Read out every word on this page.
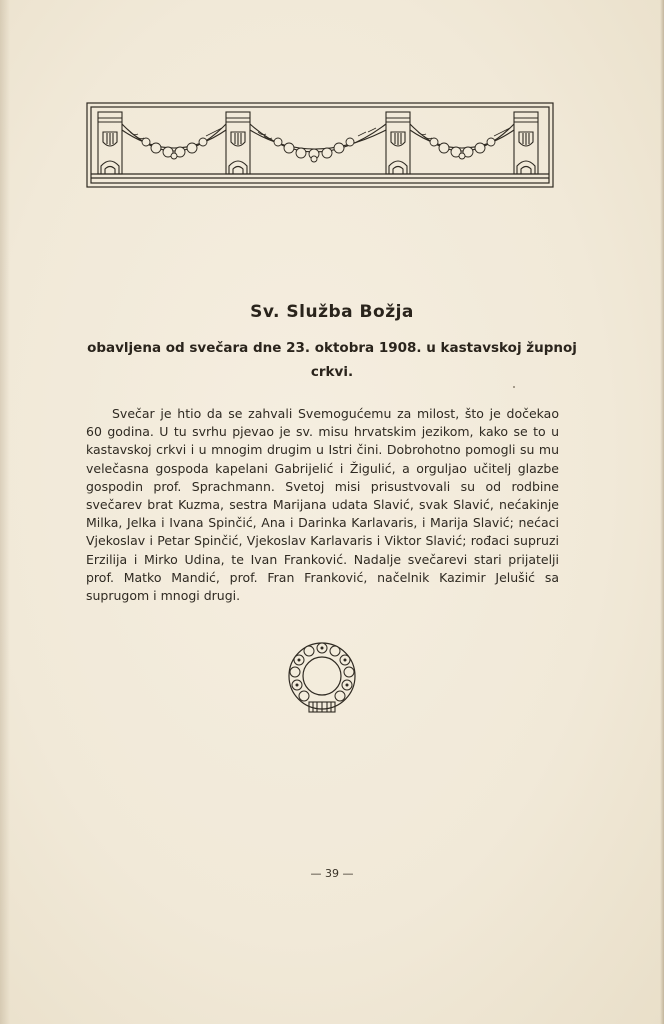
Sv. Služba Božja
obavljena od svečara dne 23. oktobra 1908. u kastavskoj župnoj crkvi.

Svečar je htio da se zahvali Svemogućemu za milost, što je dočekao 60 godina. U tu svrhu pjevao je sv. misu hrvatskim jezikom, kako se to u kastavskoj crkvi i u mnogim drugim u Istri čini. Dobrohotno pomogli su mu velečasna gospoda kapelani Gabrijelić i Žigulić, a orguljao učitelj glazbe gospodin prof. Sprachmann. Svetoj misi prisustvovali su od rodbine svečarev brat Kuzma, sestra Marijana udata Slavić, svak Slavić, nećakinje Milka, Jelka i Ivana Spinčić, Ana i Darinka Karlavaris, i Marija Slavić; nećaci Vjekoslav i Petar Spinčić, Vjekoslav Karlavaris i Viktor Slavić; rođaci supruzi Erzilija i Mirko Udina, te Ivan Franković. Nadalje svečarevi stari prijatelji prof. Matko Mandić, prof. Fran Franković, načelnik Kazimir Jelušić sa suprugom i mnogi drugi.

— 39 —
